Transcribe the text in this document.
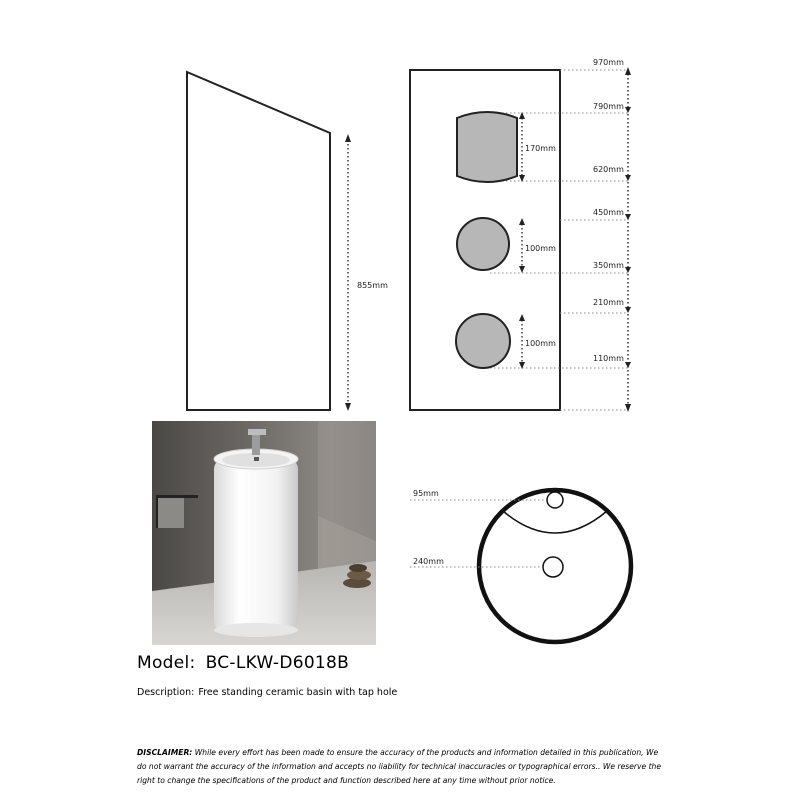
855mm
170mm
100mm
100mm
970mm
790mm
620mm
450mm
350mm
210mm
110mm
95mm
240mm
Model: BC-LKW-D6018B
Description: Free standing ceramic basin with tap hole
DISCLAIMER: While every effort has been made to ensure the accuracy of the products and information detailed in this publication, We do not warrant the accuracy of the information and accepts no liability for technical inaccuracies or typographical errors.. We reserve the right to change the specifications of the product and function described here at any time without prior notice.
